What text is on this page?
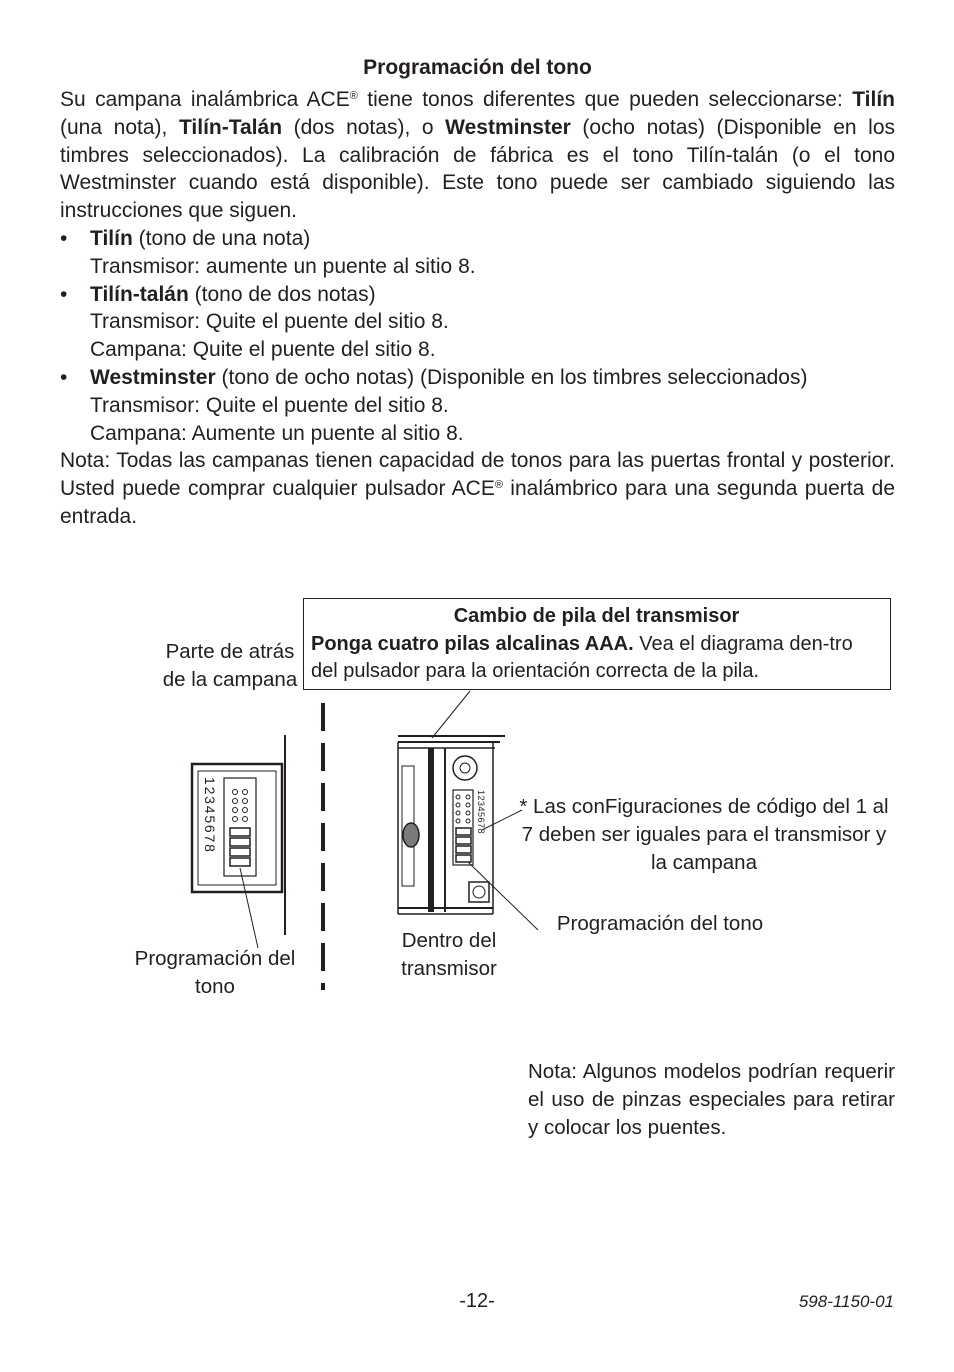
Programación del tono
Su campana inalámbrica ACE® tiene tonos diferentes que pueden seleccionarse: Tilín (una nota), Tilín-Talán (dos notas), o Westminster (ocho notas) (Disponible en los timbres seleccionados). La calibración de fábrica es el tono Tilín-talán (o el tono Westminster cuando está disponible). Este tono puede ser cambiado siguiendo las instrucciones que siguen.
• Tilín (tono de una nota)
Transmisor: aumente un puente al sitio 8.
• Tilín-talán (tono de dos notas)
Transmisor: Quite el puente del sitio 8.
Campana: Quite el puente del sitio 8.
• Westminster (tono de ocho notas) (Disponible en los timbres seleccionados)
Transmisor: Quite el puente del sitio 8.
Campana: Aumente un puente al sitio 8.
Nota: Todas las campanas tienen capacidad de tonos para las puertas frontal y posterior. Usted puede comprar cualquier pulsador ACE® inalámbrico para una segunda puerta de entrada.
Cambio de pila del transmisor
Ponga cuatro pilas alcalinas AAA. Vea el diagrama den-tro del pulsador para la orientación correcta de la pila.
12345678	12345678
Parte de atrás de la campana
Programación del tono
Dentro del transmisor
* Las conFiguraciones de código del 1 al 7 deben ser iguales para el transmisor y la campana
Programación del tono
Nota: Algunos modelos podrían requerir el uso de pinzas especiales para retirar y colocar los puentes.
-12-	598-1150-01
